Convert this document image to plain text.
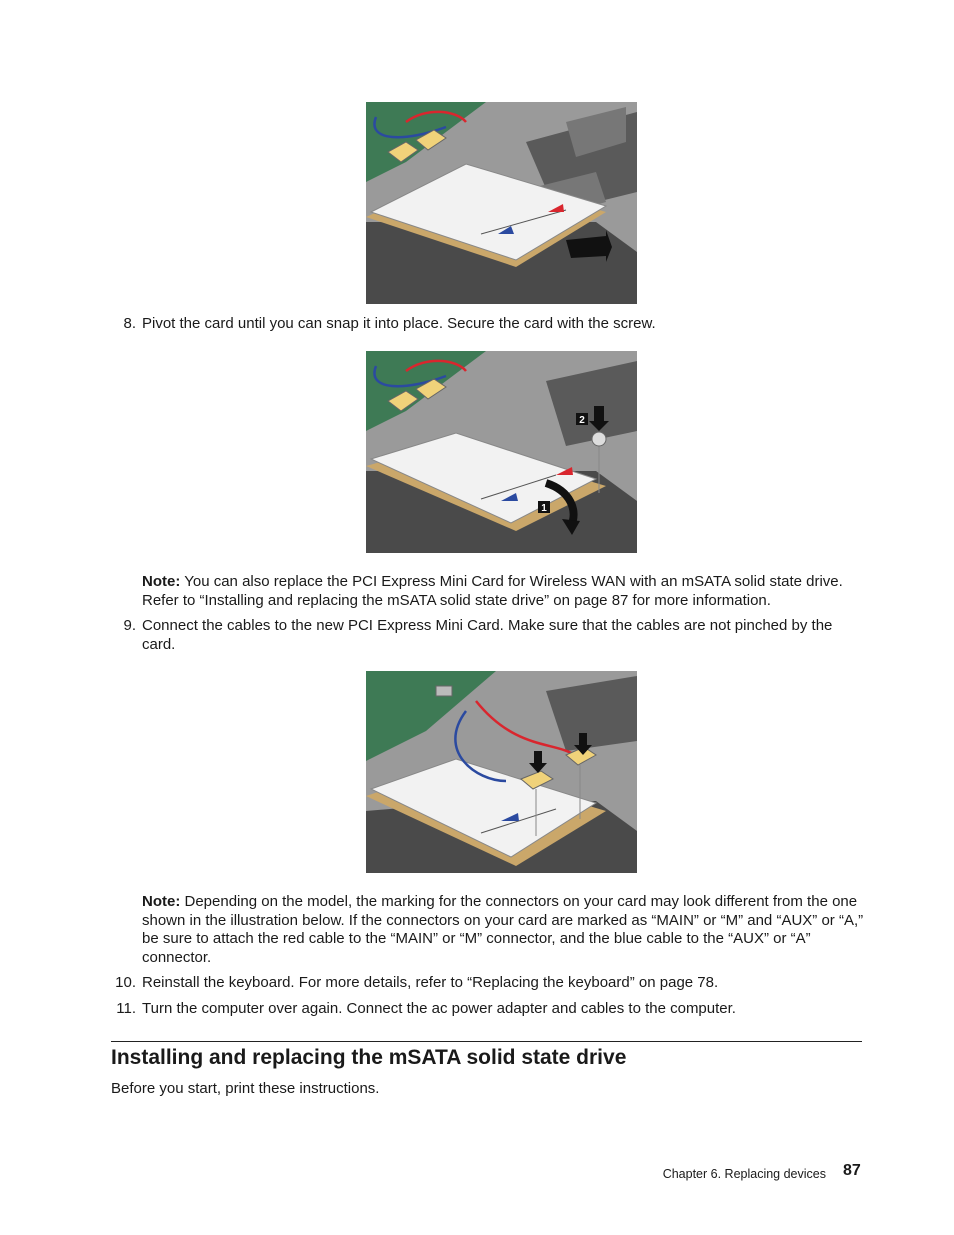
8. Pivot the card until you can snap it into place. Secure the card with the screw.
2
1
Note: You can also replace the PCI Express Mini Card for Wireless WAN with an mSATA solid state drive. Refer to “Installing and replacing the mSATA solid state drive” on page 87 for more information.
9. Connect the cables to the new PCI Express Mini Card. Make sure that the cables are not pinched by the card.
Note: Depending on the model, the marking for the connectors on your card may look different from the one shown in the illustration below. If the connectors on your card are marked as “MAIN” or “M” and “AUX” or “A,” be sure to attach the red cable to the “MAIN” or “M” connector, and the blue cable to the “AUX” or “A” connector.
10. Reinstall the keyboard. For more details, refer to “Replacing the keyboard” on page 78.
11. Turn the computer over again. Connect the ac power adapter and cables to the computer.
Installing and replacing the mSATA solid state drive
Before you start, print these instructions.
Chapter 6. Replacing devices 87
